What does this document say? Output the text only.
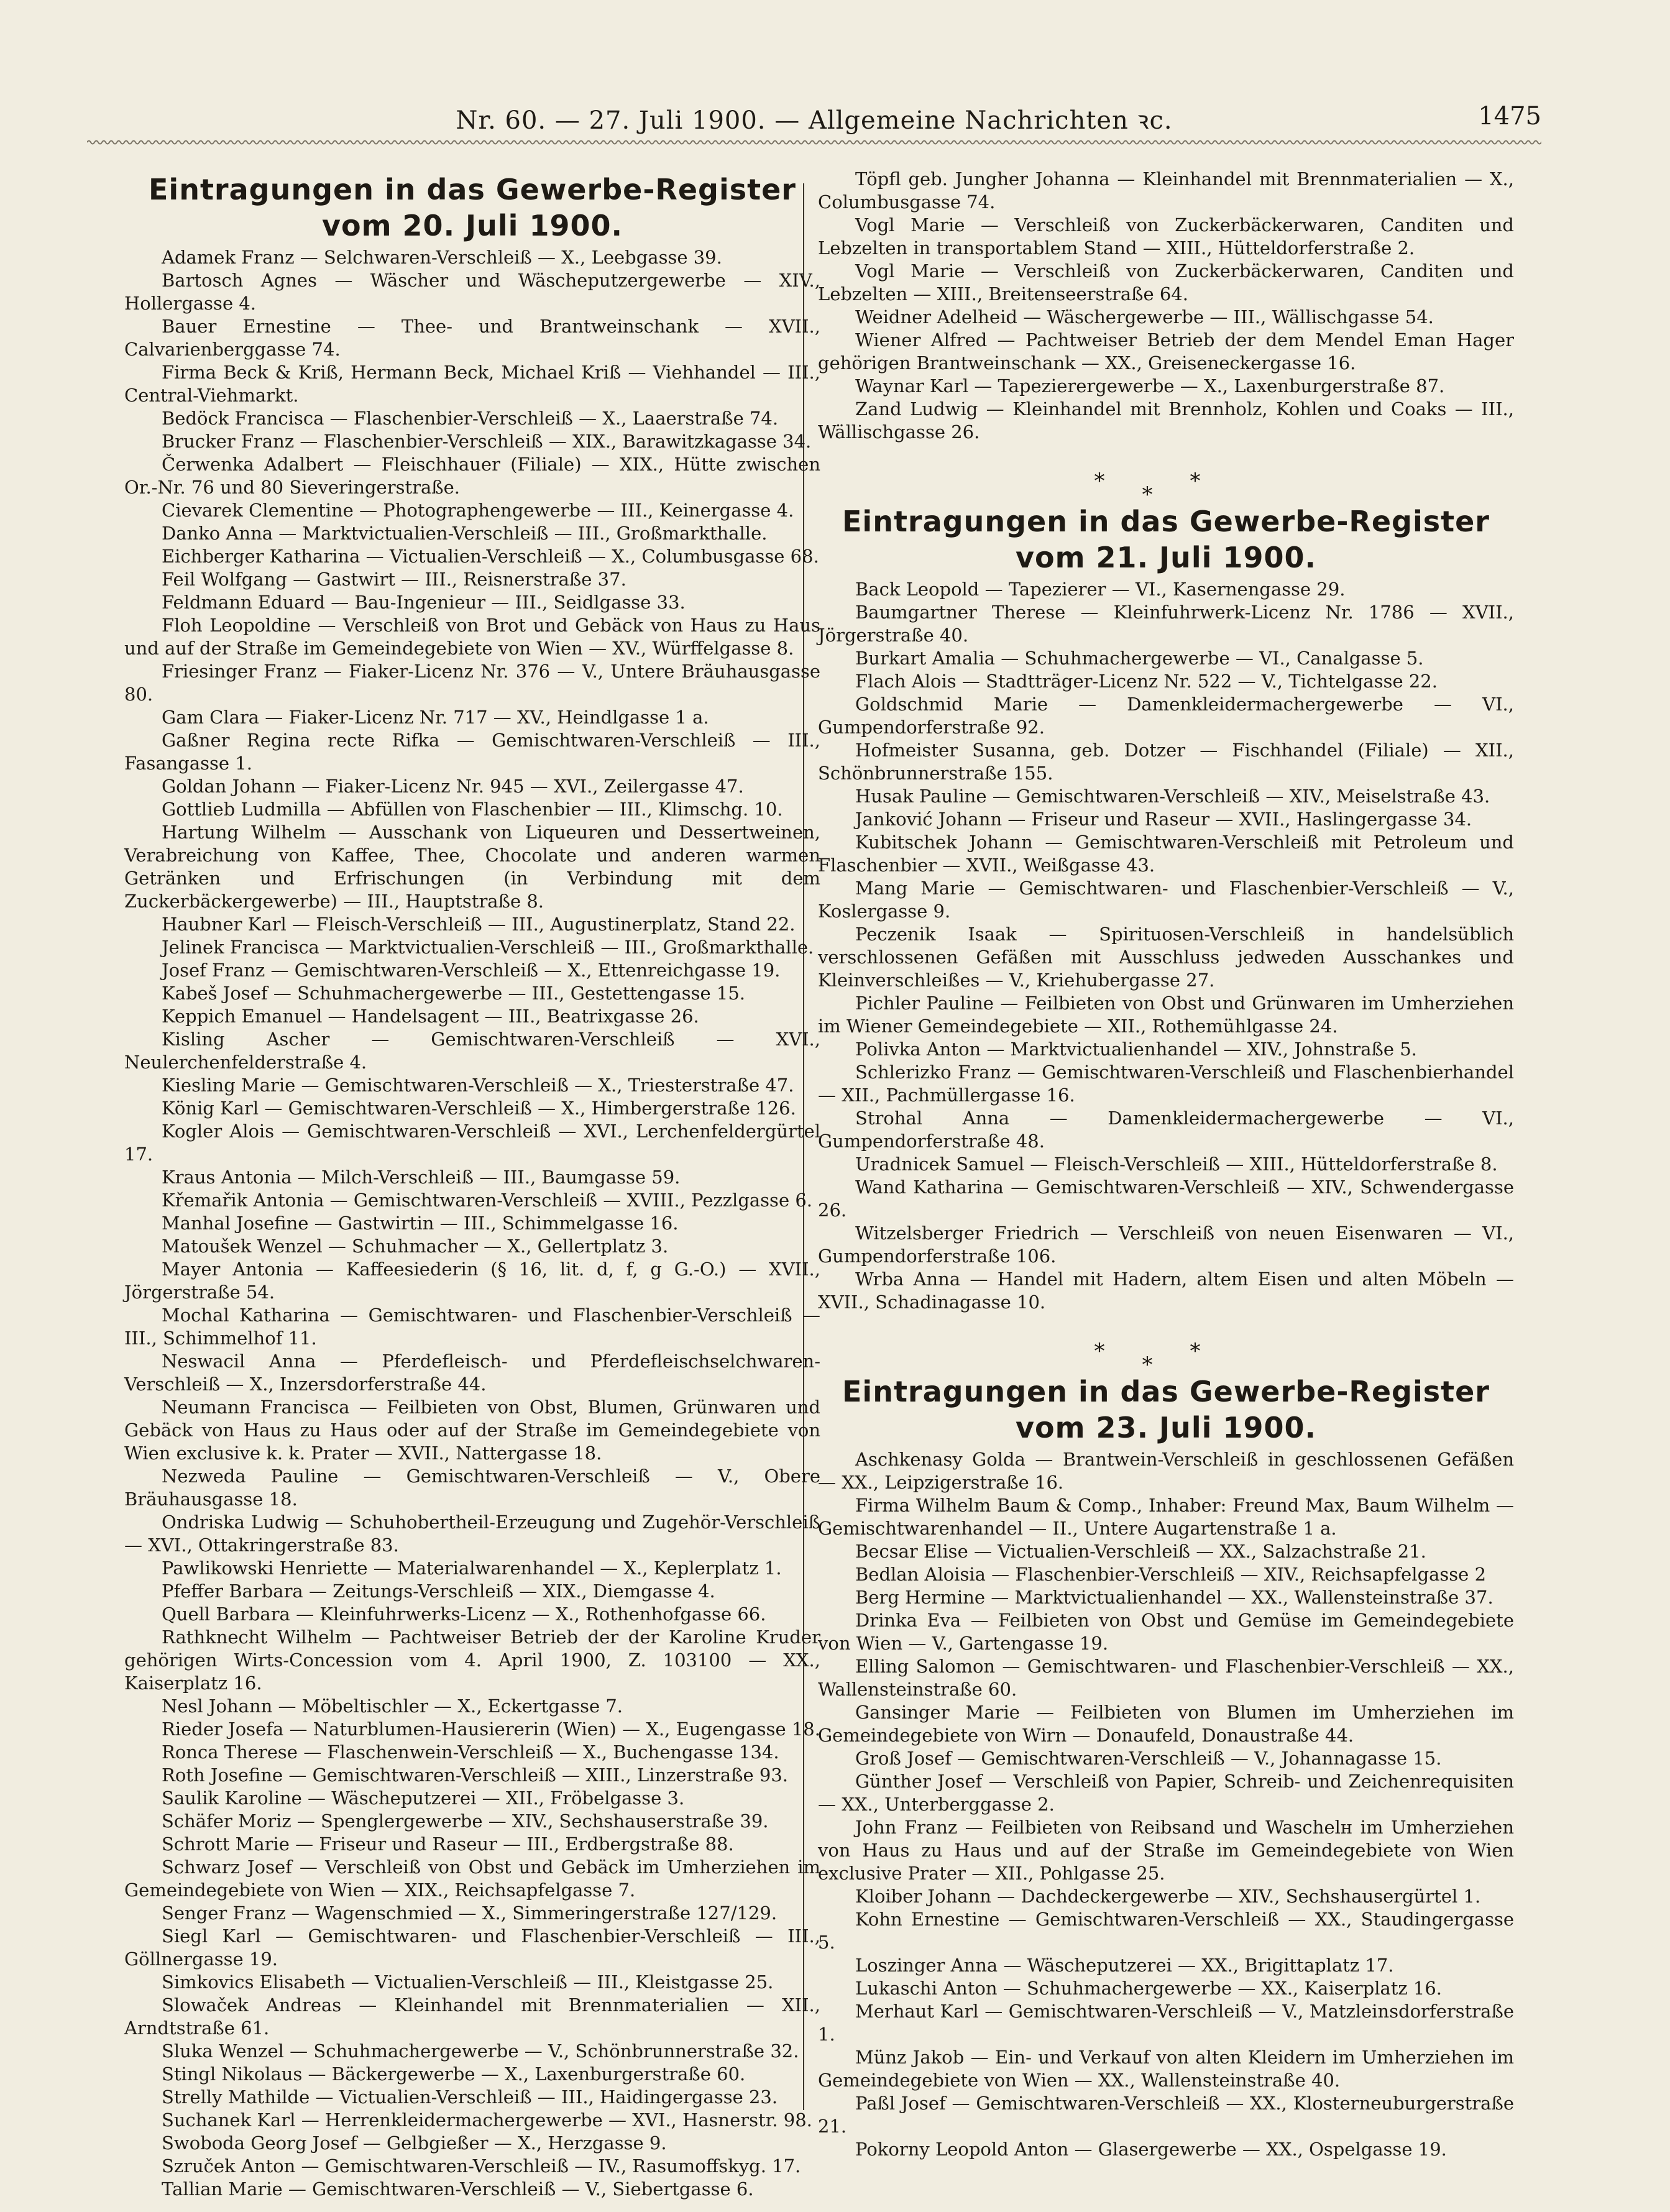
Nr. 60. — 27. Juli 1900. — Allgemeine Nachrichten ꝛc.	1475
Eintragungen in das Gewerbe-Register
vom 20. Juli 1900.

Adamek Franz — Selchwaren-Verschleiß — X., Leebgasse 39.

Bartosch Agnes — Wäscher und Wäscheputzergewerbe — XIV., Hollergasse 4.

Bauer Ernestine — Thee- und Brantweinschank — XVII., Calvarienberggasse 74.

Firma Beck & Kriß, Hermann Beck, Michael Kriß — Viehhandel — III., Central-Viehmarkt.

Bedöck Francisca — Flaschenbier-Verschleiß — X., Laaerstraße 74.

Brucker Franz — Flaschenbier-Verschleiß — XIX., Barawitzkagasse 34.

Čerwenka Adalbert — Fleischhauer (Filiale) — XIX., Hütte zwischen Or.-Nr. 76 und 80 Sieveringerstraße.

Cievarek Clementine — Photographengewerbe — III., Keinergasse 4.

Danko Anna — Marktvictualien-Verschleiß — III., Großmarkthalle.

Eichberger Katharina — Victualien-Verschleiß — X., Columbusgasse 68.

Feil Wolfgang — Gastwirt — III., Reisnerstraße 37.

Feldmann Eduard — Bau-Ingenieur — III., Seidlgasse 33.

Floh Leopoldine — Verschleiß von Brot und Gebäck von Haus zu Haus und auf der Straße im Gemeindegebiete von Wien — XV., Würffelgasse 8.

Friesinger Franz — Fiaker-Licenz Nr. 376 — V., Untere Bräuhausgasse 80.

Gam Clara — Fiaker-Licenz Nr. 717 — XV., Heindlgasse 1 a.

Gaßner Regina recte Rifka — Gemischtwaren-Verschleiß — III., Fasangasse 1.

Goldan Johann — Fiaker-Licenz Nr. 945 — XVI., Zeilergasse 47.

Gottlieb Ludmilla — Abfüllen von Flaschenbier — III., Klimschg. 10.

Hartung Wilhelm — Ausschank von Liqueuren und Dessertweinen, Verabreichung von Kaffee, Thee, Chocolate und anderen warmen Getränken und Erfrischungen (in Verbindung mit dem Zuckerbäckergewerbe) — III., Hauptstraße 8.

Haubner Karl — Fleisch-Verschleiß — III., Augustinerplatz, Stand 22.

Jelinek Francisca — Marktvictualien-Verschleiß — III., Großmarkthalle.

Josef Franz — Gemischtwaren-Verschleiß — X., Ettenreichgasse 19.

Kabeš Josef — Schuhmachergewerbe — III., Gestettengasse 15.

Keppich Emanuel — Handelsagent — III., Beatrixgasse 26.

Kisling Ascher — Gemischtwaren-Verschleiß — XVI., Neulerchenfelderstraße 4.

Kiesling Marie — Gemischtwaren-Verschleiß — X., Triesterstraße 47.

König Karl — Gemischtwaren-Verschleiß — X., Himbergerstraße 126.

Kogler Alois — Gemischtwaren-Verschleiß — XVI., Lerchenfeldergürtel 17.

Kraus Antonia — Milch-Verschleiß — III., Baumgasse 59.

Křemařik Antonia — Gemischtwaren-Verschleiß — XVIII., Pezzlgasse 6.

Manhal Josefine — Gastwirtin — III., Schimmelgasse 16.

Matoušek Wenzel — Schuhmacher — X., Gellertplatz 3.

Mayer Antonia — Kaffeesiederin (§ 16, lit. d, f, g G.-O.) — XVII., Jörgerstraße 54.

Mochal Katharina — Gemischtwaren- und Flaschenbier-Verschleiß — III., Schimmelhof 11.

Neswacil Anna — Pferdefleisch- und Pferdefleischselchwaren-Verschleiß — X., Inzersdorferstraße 44.

Neumann Francisca — Feilbieten von Obst, Blumen, Grünwaren und Gebäck von Haus zu Haus oder auf der Straße im Gemeindegebiete von Wien exclusive k. k. Prater — XVII., Nattergasse 18.

Nezweda Pauline — Gemischtwaren-Verschleiß — V., Obere Bräuhausgasse 18.

Ondriska Ludwig — Schuhobertheil-Erzeugung und Zugehör-Verschleiß — XVI., Ottakringerstraße 83.

Pawlikowski Henriette — Materialwarenhandel — X., Keplerplatz 1.

Pfeffer Barbara — Zeitungs-Verschleiß — XIX., Diemgasse 4.

Quell Barbara — Kleinfuhrwerks-Licenz — X., Rothenhofgasse 66.

Rathknecht Wilhelm — Pachtweiser Betrieb der der Karoline Kruder gehörigen Wirts-Concession vom 4. April 1900, Z. 103100 — XX., Kaiserplatz 16.

Nesl Johann — Möbeltischler — X., Eckertgasse 7.

Rieder Josefa — Naturblumen-Hausiererin (Wien) — X., Eugengasse 18.

Ronca Therese — Flaschenwein-Verschleiß — X., Buchengasse 134.

Roth Josefine — Gemischtwaren-Verschleiß — XIII., Linzerstraße 93.

Saulik Karoline — Wäscheputzerei — XII., Fröbelgasse 3.

Schäfer Moriz — Spenglergewerbe — XIV., Sechshauserstraße 39.

Schrott Marie — Friseur und Raseur — III., Erdbergstraße 88.

Schwarz Josef — Verschleiß von Obst und Gebäck im Umherziehen im Gemeindegebiete von Wien — XIX., Reichsapfelgasse 7.

Senger Franz — Wagenschmied — X., Simmeringerstraße 127/129.

Siegl Karl — Gemischtwaren- und Flaschenbier-Verschleiß — III., Göllnergasse 19.

Simkovics Elisabeth — Victualien-Verschleiß — III., Kleistgasse 25.

Slowaček Andreas — Kleinhandel mit Brennmaterialien — XII., Arndtstraße 61.

Sluka Wenzel — Schuhmachergewerbe — V., Schönbrunnerstraße 32.

Stingl Nikolaus — Bäckergewerbe — X., Laxenburgerstraße 60.

Strelly Mathilde — Victualien-Verschleiß — III., Haidingergasse 23.

Suchanek Karl — Herrenkleidermachergewerbe — XVI., Hasnerstr. 98.

Swoboda Georg Josef — Gelbgießer — X., Herzgasse 9.

Szruček Anton — Gemischtwaren-Verschleiß — IV., Rasumoffskyg. 17.

Tallian Marie — Gemischtwaren-Verschleiß — V., Siebertgasse 6.

Töpfl geb. Jungher Johanna — Kleinhandel mit Brennmaterialien — X., Columbusgasse 74.

Vogl Marie — Verschleiß von Zuckerbäckerwaren, Canditen und Lebzelten in transportablem Stand — XIII., Hütteldorferstraße 2.

Vogl Marie — Verschleiß von Zuckerbäckerwaren, Canditen und Lebzelten — XIII., Breitenseerstraße 64.

Weidner Adelheid — Wäschergewerbe — III., Wällischgasse 54.

Wiener Alfred — Pachtweiser Betrieb der dem Mendel Eman Hager gehörigen Brantweinschank — XX., Greiseneckergasse 16.

Waynar Karl — Tapezierergewerbe — X., Laxenburgerstraße 87.

Zand Ludwig — Kleinhandel mit Brennholz, Kohlen und Coaks — III., Wällischgasse 26.

***
Eintragungen in das Gewerbe-Register
vom 21. Juli 1900.

Back Leopold — Tapezierer — VI., Kasernengasse 29.

Baumgartner Therese — Kleinfuhrwerk-Licenz Nr. 1786 — XVII., Jörgerstraße 40.

Burkart Amalia — Schuhmachergewerbe — VI., Canalgasse 5.

Flach Alois — Stadtträger-Licenz Nr. 522 — V., Tichtelgasse 22.

Goldschmid Marie — Damenkleidermachergewerbe — VI., Gumpendorferstraße 92.

Hofmeister Susanna, geb. Dotzer — Fischhandel (Filiale) — XII., Schönbrunnerstraße 155.

Husak Pauline — Gemischtwaren-Verschleiß — XIV., Meiselstraße 43.

Janković Johann — Friseur und Raseur — XVII., Haslingergasse 34.

Kubitschek Johann — Gemischtwaren-Verschleiß mit Petroleum und Flaschenbier — XVII., Weißgasse 43.

Mang Marie — Gemischtwaren- und Flaschenbier-Verschleiß — V., Koslergasse 9.

Peczenik Isaak — Spirituosen-Verschleiß in handelsüblich verschlossenen Gefäßen mit Ausschluss jedweden Ausschankes und Kleinverschleißes — V., Kriehubergasse 27.

Pichler Pauline — Feilbieten von Obst und Grünwaren im Umherziehen im Wiener Gemeindegebiete — XII., Rothemühlgasse 24.

Polivka Anton — Marktvictualienhandel — XIV., Johnstraße 5.

Schlerizko Franz — Gemischtwaren-Verschleiß und Flaschenbierhandel — XII., Pachmüllergasse 16.

Strohal Anna — Damenkleidermachergewerbe — VI., Gumpendorferstraße 48.

Uradnicek Samuel — Fleisch-Verschleiß — XIII., Hütteldorferstraße 8.

Wand Katharina — Gemischtwaren-Verschleiß — XIV., Schwendergasse 26.

Witzelsberger Friedrich — Verschleiß von neuen Eisenwaren — VI., Gumpendorferstraße 106.

Wrba Anna — Handel mit Hadern, altem Eisen und alten Möbeln — XVII., Schadinagasse 10.

***
Eintragungen in das Gewerbe-Register
vom 23. Juli 1900.

Aschkenasy Golda — Brantwein-Verschleiß in geschlossenen Gefäßen — XX., Leipzigerstraße 16.

Firma Wilhelm Baum & Comp., Inhaber: Freund Max, Baum Wilhelm — Gemischtwarenhandel — II., Untere Augartenstraße 1 a.

Becsar Elise — Victualien-Verschleiß — XX., Salzachstraße 21.

Bedlan Aloisia — Flaschenbier-Verschleiß — XIV., Reichsapfelgasse 2

Berg Hermine — Marktvictualienhandel — XX., Wallensteinstraße 37.

Drinka Eva — Feilbieten von Obst und Gemüse im Gemeindegebiete von Wien — V., Gartengasse 19.

Elling Salomon — Gemischtwaren- und Flaschenbier-Verschleiß — XX., Wallensteinstraße 60.

Gansinger Marie — Feilbieten von Blumen im Umherziehen im Gemeindegebiete von Wirn — Donaufeld, Donaustraße 44.

Groß Josef — Gemischtwaren-Verschleiß — V., Johannagasse 15.

Günther Josef — Verschleiß von Papier, Schreib- und Zeichenrequisiten — XX., Unterberggasse 2.

John Franz — Feilbieten von Reibsand und Waschelн im Umherziehen von Haus zu Haus und auf der Straße im Gemeindegebiete von Wien exclusive Prater — XII., Pohlgasse 25.

Kloiber Johann — Dachdeckergewerbe — XIV., Sechshausergürtel 1.

Kohn Ernestine — Gemischtwaren-Verschleiß — XX., Staudingergasse 5.

Loszinger Anna — Wäscheputzerei — XX., Brigittaplatz 17.

Lukaschi Anton — Schuhmachergewerbe — XX., Kaiserplatz 16.

Merhaut Karl — Gemischtwaren-Verschleiß — V., Matzleinsdorferstraße 1.

Münz Jakob — Ein- und Verkauf von alten Kleidern im Umherziehen im Gemeindegebiete von Wien — XX., Wallensteinstraße 40.

Paßl Josef — Gemischtwaren-Verschleiß — XX., Klosterneuburgerstraße 21.

Pokorny Leopold Anton — Glasergewerbe — XX., Ospelgasse 19.
